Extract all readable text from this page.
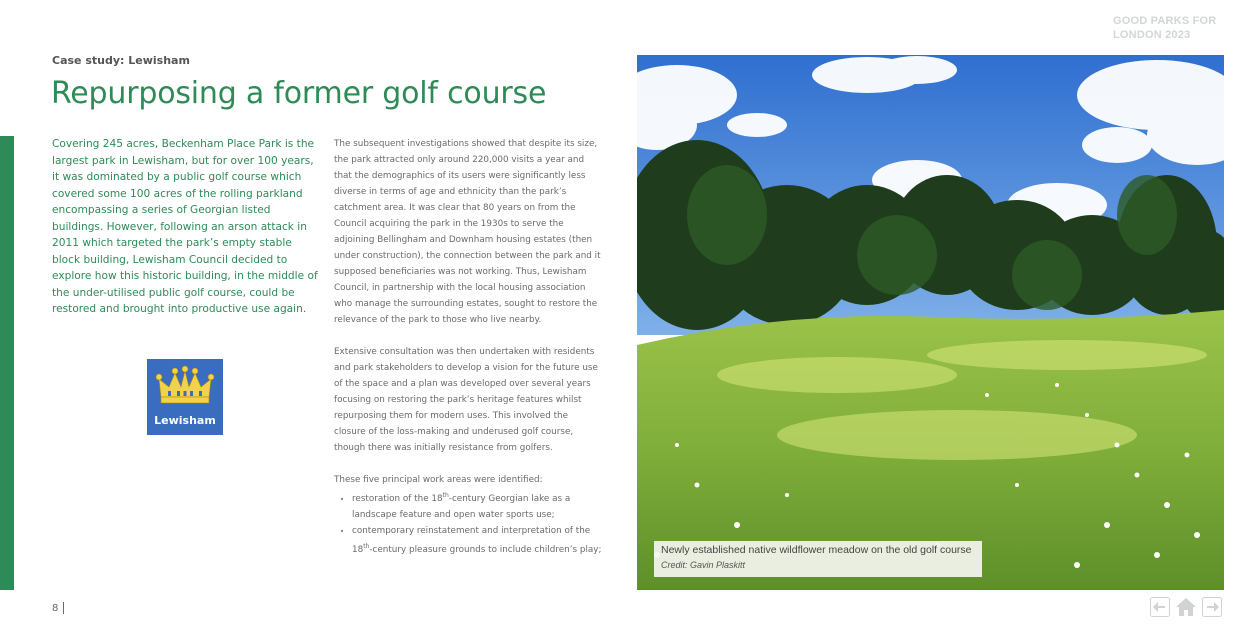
GOOD PARKS FOR
LONDON 2023
Case study: Lewisham
Repurposing a former golf course
Covering 245 acres, Beckenham Place Park is the largest park in Lewisham, but for over 100 years, it was dominated by a public golf course which covered some 100 acres of the rolling parkland encompassing a series of Georgian listed buildings. However, following an arson attack in 2011 which targeted the park’s empty stable block building, Lewisham Council decided to explore how this historic building, in the middle of the under-utilised public golf course, could be restored and brought into productive use again.
Lewisham

The subsequent investigations showed that despite its size, the park attracted only around 220,000 visits a year and that the demographics of its users were significantly less diverse in terms of age and ethnicity than the park’s catchment area. It was clear that 80 years on from the Council acquiring the park in the 1930s to serve the adjoining Bellingham and Downham housing estates (then under construction), the connection between the park and it supposed beneficiaries was not working. Thus, Lewisham Council, in partnership with the local housing association who manage the surrounding estates, sought to restore the relevance of the park to those who live nearby.

Extensive consultation was then undertaken with residents and park stakeholders to develop a vision for the future use of the space and a plan was developed over several years focusing on restoring the park’s heritage features whilst repurposing them for modern uses. This involved the closure of the loss-making and underused golf course, though there was initially resistance from golfers.

These five principal work areas were identified:

• restoration of the 18th-century Georgian lake as a landscape feature and open water sports use;
• contemporary reinstatement and interpretation of the 18th-century pleasure grounds to include children’s play;	Newly established native wildflower meadow on the old golf course
Credit: Gavin Plaskitt
8
